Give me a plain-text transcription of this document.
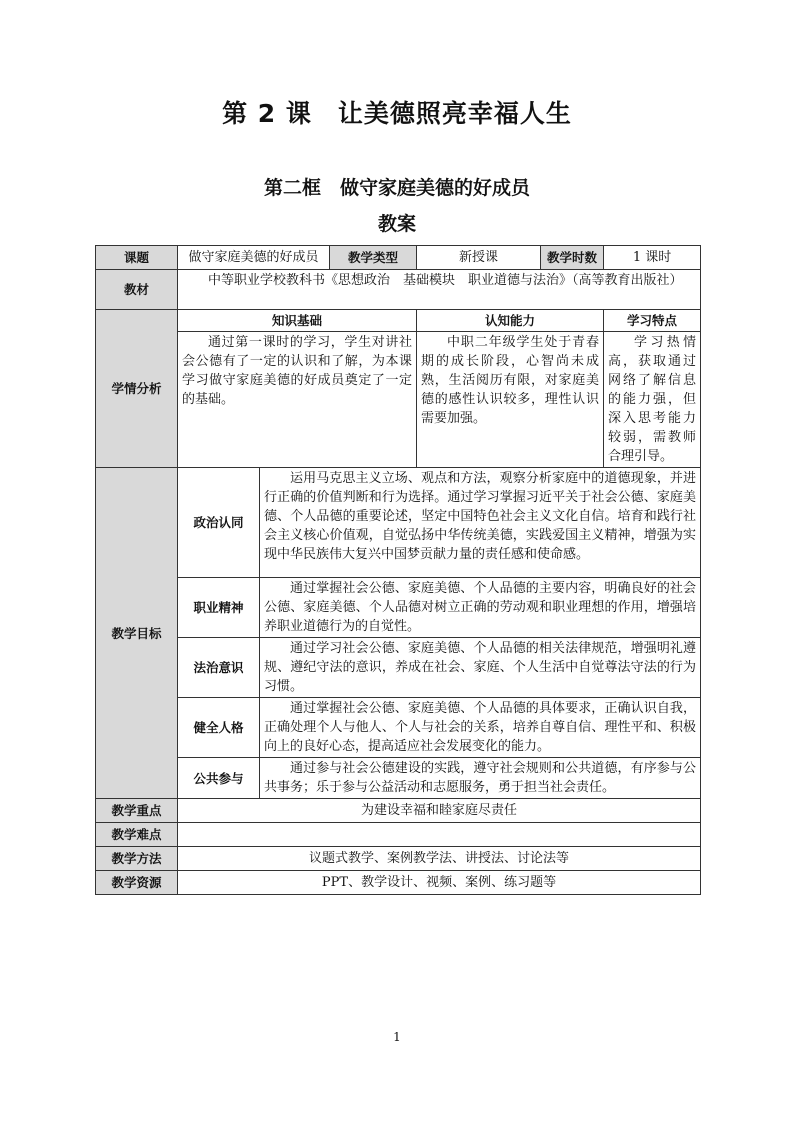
第 2 课　让美德照亮幸福人生
第二框　做守家庭美德的好成员
教案
课题	做守家庭美德的好成员		教学类型	新授课	教学时数	1 课时
教材	中等职业学校教科书《思想政治　基础模块　职业道德与法治》（高等教育出版社）					
学情分析	知识基础			认知能力		学习特点
	通过第一课时的学习，学生对讲社会公德有了一定的认识和了解，为本课学习做守家庭美德的好成员奠定了一定的基础。			中职二年级学生处于青春期的成长阶段，心智尚未成熟，生活阅历有限，对家庭美德的感性认识较多，理性认识需要加强。		学习热情高，获取通过网络了解信息的能力强，但深入思考能力较弱，需教师合理引导。
教学目标	政治认同	运用马克思主义立场、观点和方法，观察分析家庭中的道德现象，并进行正确的价值判断和行为选择。通过学习掌握习近平关于社会公德、家庭美德、个人品德的重要论述，坚定中国特色社会主义文化自信。培育和践行社会主义核心价值观，自觉弘扬中华传统美德，实践爱国主义精神，增强为实现中华民族伟大复兴中国梦贡献力量的责任感和使命感。				
	职业精神	通过掌握社会公德、家庭美德、个人品德的主要内容，明确良好的社会公德、家庭美德、个人品德对树立正确的劳动观和职业理想的作用，增强培养职业道德行为的自觉性。				
	法治意识	通过学习社会公德、家庭美德、个人品德的相关法律规范，增强明礼遵规、遵纪守法的意识，养成在社会、家庭、个人生活中自觉尊法守法的行为习惯。				
	健全人格	通过掌握社会公德、家庭美德、个人品德的具体要求，正确认识自我，正确处理个人与他人、个人与社会的关系，培养自尊自信、理性平和、积极向上的良好心态，提高适应社会发展变化的能力。				
	公共参与	通过参与社会公德建设的实践，遵守社会规则和公共道德，有序参与公共事务；乐于参与公益活动和志愿服务，勇于担当社会责任。				
教学重点	为建设幸福和睦家庭尽责任					
教学难点						
教学方法	议题式教学、案例教学法、讲授法、讨论法等					
教学资源	PPT、教学设计、视频、案例、练习题等					
1
